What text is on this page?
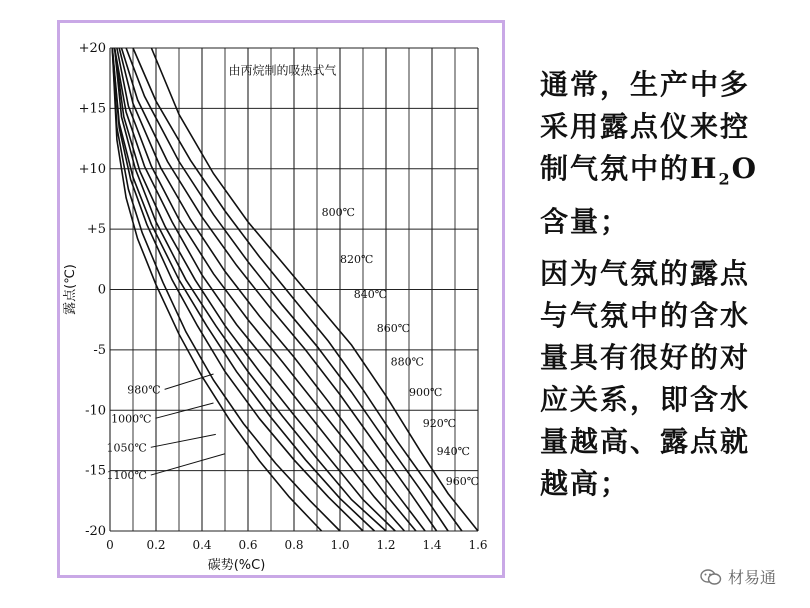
0	0.2 0.4 0.6 0.8 1.0 1.2 1.4 1.6
+20
+15
+10
+5
0
-5
-10
-15
-20
碳势(%C)
露点(℃)
由丙烷制的吸热式气
800℃
820℃
840℃
860℃
880℃
900℃
920℃
940℃
960℃
980℃
1000℃
1050℃
1100℃
通常，生产中多
采用露点仪来控
制气氛中的$H_2O$
含量；
因为气氛的露点
与气氛中的含水
量具有很好的对
应关系，即含水
量越高、露点就
越高；
材易通
